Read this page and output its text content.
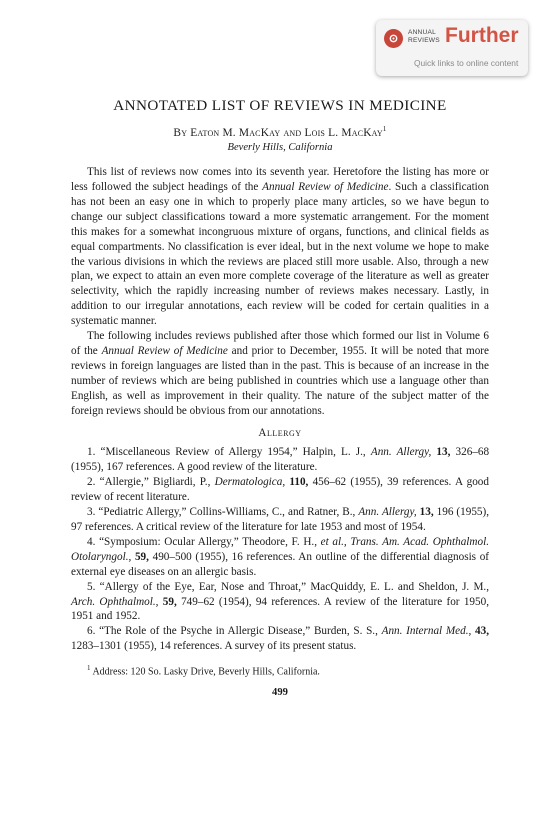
ANNUAL
REVIEWS Further
Quick links to online content
ANNOTATED LIST OF REVIEWS IN MEDICINE
By Eaton M. MacKay and Lois L. MacKay$^1$
Beverly Hills, California

This list of reviews now comes into its seventh year. Heretofore the listing has more or less followed the subject headings of the Annual Review of Medicine. Such a classification has not been an easy one in which to properly place many articles, so we have begun to change our subject classifications toward a more systematic arrangement. For the moment this makes for a somewhat incongruous mixture of organs, functions, and clinical fields as equal compartments. No classification is ever ideal, but in the next volume we hope to make the various divisions in which the reviews are placed still more usable. Also, through a new plan, we expect to attain an even more complete coverage of the literature as well as greater selectivity, which the rapidly increasing number of reviews makes necessary. Lastly, in addition to our irregular annotations, each review will be coded for certain qualities in a systematic manner.

The following includes reviews published after those which formed our list in Volume 6 of the Annual Review of Medicine and prior to December, 1955. It will be noted that more reviews in foreign languages are listed than in the past. This is because of an increase in the number of reviews which are being published in countries which use a language other than English, as well as improvement in their quality. The nature of the subject matter of the foreign reviews should be obvious from our annotations.

Allergy

1. “Miscellaneous Review of Allergy 1954,” Halpin, L. J., Ann. Allergy, 13, 326–68 (1955), 167 references. A good review of the literature.

2. “Allergie,” Bigliardi, P., Dermatologica, 110, 456–62 (1955), 39 references. A good review of recent literature.

3. “Pediatric Allergy,” Collins-Williams, C., and Ratner, B., Ann. Allergy, 13, 196 (1955), 97 references. A critical review of the literature for late 1953 and most of 1954.

4. “Symposium: Ocular Allergy,” Theodore, F. H., et al., Trans. Am. Acad. Ophthalmol. Otolaryngol., 59, 490–500 (1955), 16 references. An outline of the differential diagnosis of external eye diseases on an allergic basis.

5. “Allergy of the Eye, Ear, Nose and Throat,” MacQuiddy, E. L. and Sheldon, J. M., Arch. Ophthalmol., 59, 749–62 (1954), 94 references. A review of the literature for 1950, 1951 and 1952.

6. “The Role of the Psyche in Allergic Disease,” Burden, S. S., Ann. Internal Med., 43, 1283–1301 (1955), 14 references. A survey of its present status.

$^1$ Address: 120 So. Lasky Drive, Beverly Hills, California.
499
